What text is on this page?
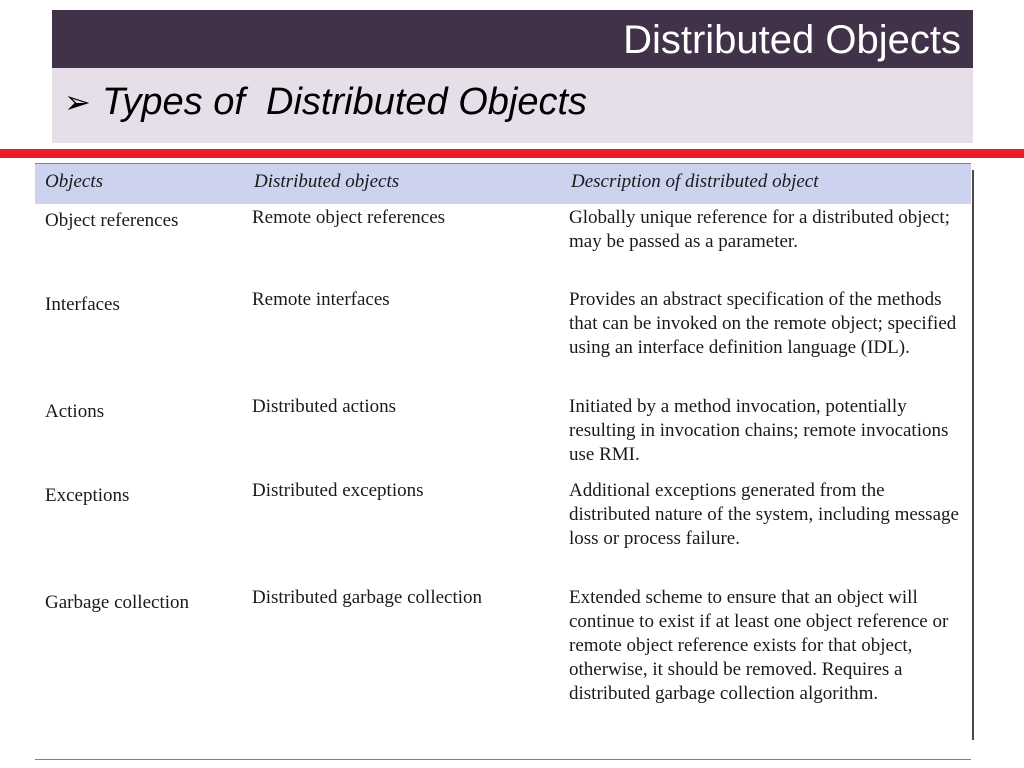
Distributed Objects
➢ Types of  Distributed Objects
Objects	Distributed objects	Description of distributed object
Object references	Remote object references	Globally unique reference for a distributed object; may be passed as a parameter.
Interfaces	Remote interfaces	Provides an abstract specification of the methods that can be invoked on the remote object; specified using an interface definition language (IDL).
Actions	Distributed actions	Initiated by a method invocation, potentially resulting in invocation chains; remote invocations use RMI.
Exceptions	Distributed exceptions	Additional exceptions generated from the distributed nature of the system, including message loss or process failure.
Garbage collection	Distributed garbage collection	Extended scheme to ensure that an object will continue to exist if at least one object reference or remote object reference exists for that object, otherwise, it should be removed. Requires a distributed garbage collection algorithm.
